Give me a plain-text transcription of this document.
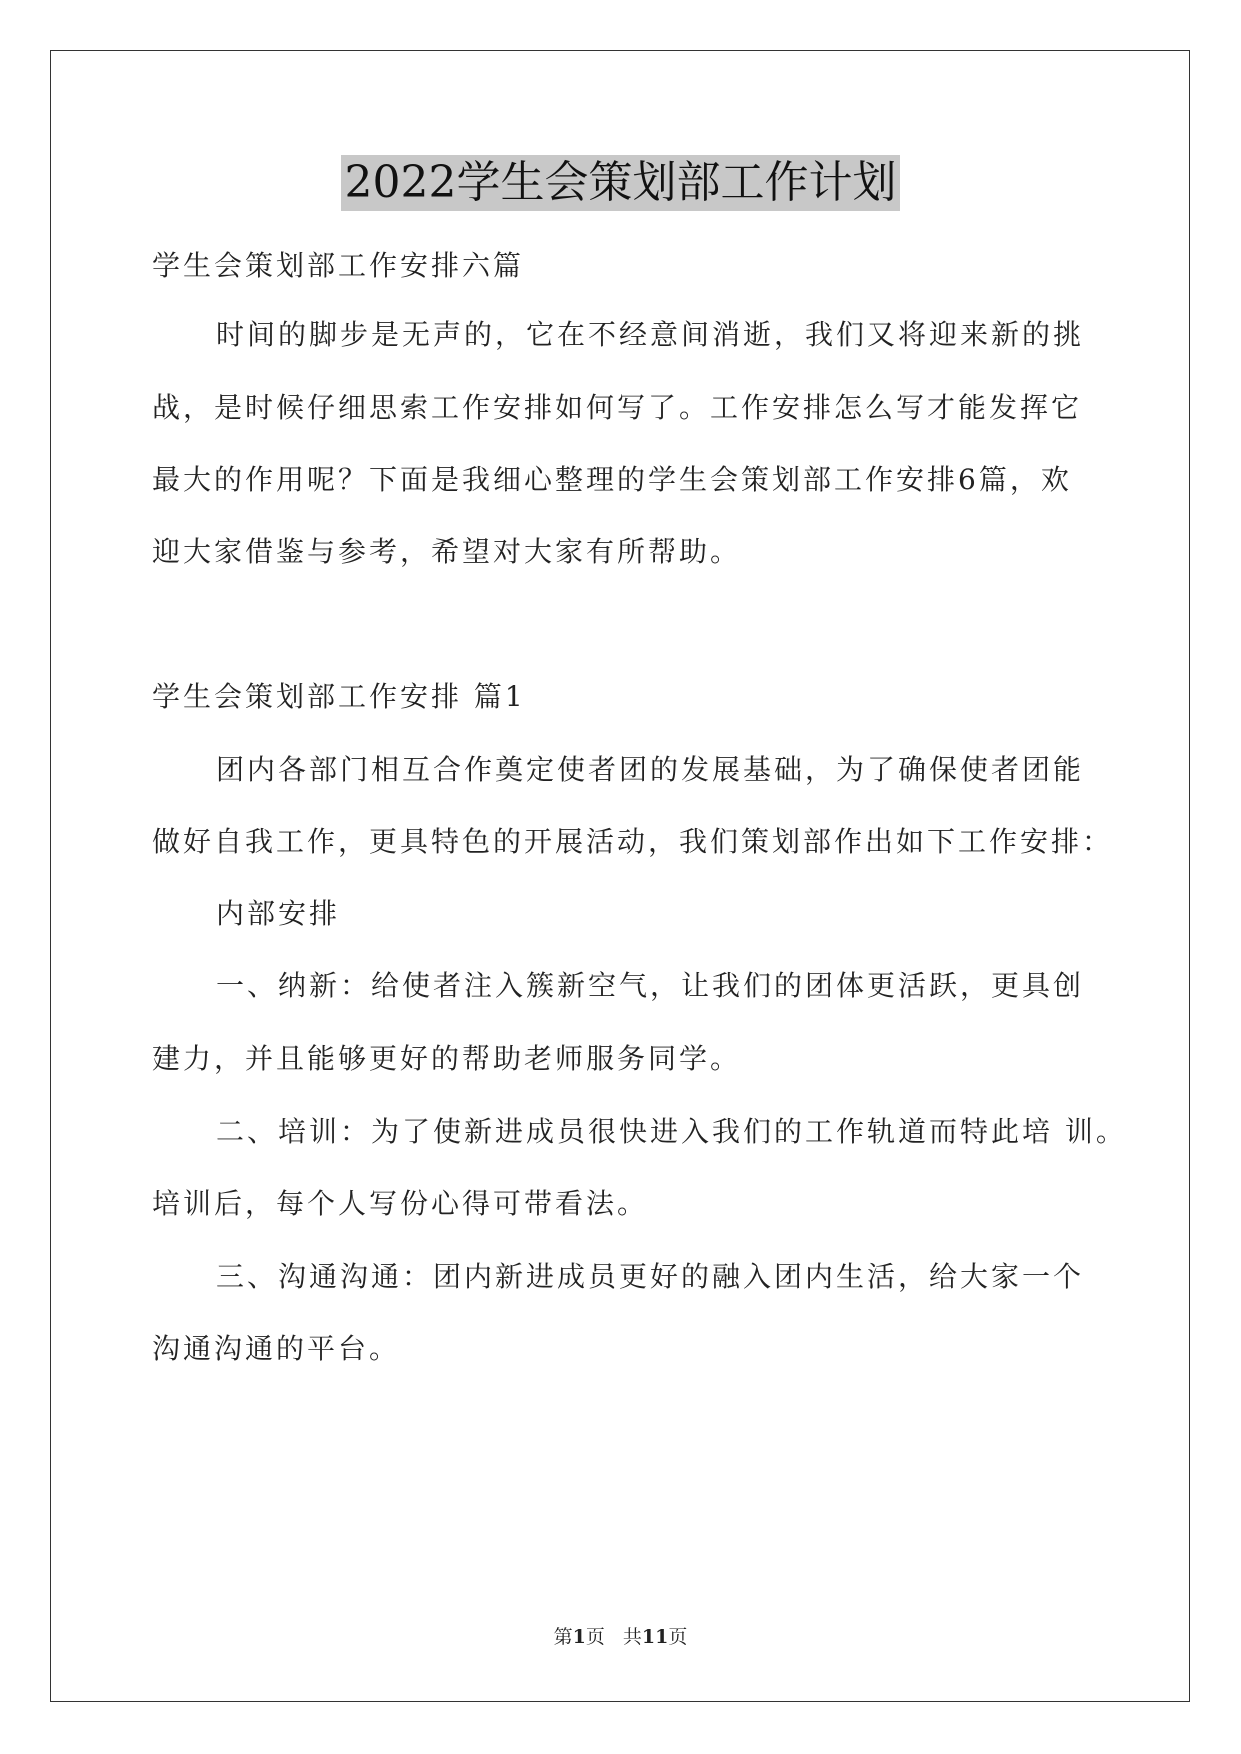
2022学生会策划部工作计划
学生会策划部工作安排六篇
时间的脚步是无声的，它在不经意间消逝，我们又将迎来新的挑
战，是时候仔细思索工作安排如何写了。工作安排怎么写才能发挥它
最大的作用呢？下面是我细心整理的学生会策划部工作安排6篇，欢
迎大家借鉴与参考，希望对大家有所帮助。
学生会策划部工作安排 篇1
团内各部门相互合作奠定使者团的发展基础，为了确保使者团能
做好自我工作，更具特色的开展活动，我们策划部作出如下工作安排：
内部安排
一、纳新：给使者注入簇新空气，让我们的团体更活跃，更具创
建力，并且能够更好的帮助老师服务同学。
二、培训：为了使新进成员很快进入我们的工作轨道而特此培 训。
培训后，每个人写份心得可带看法。
三、沟通沟通：团内新进成员更好的融入团内生活，给大家一个
沟通沟通的平台。
第1页 共11页
